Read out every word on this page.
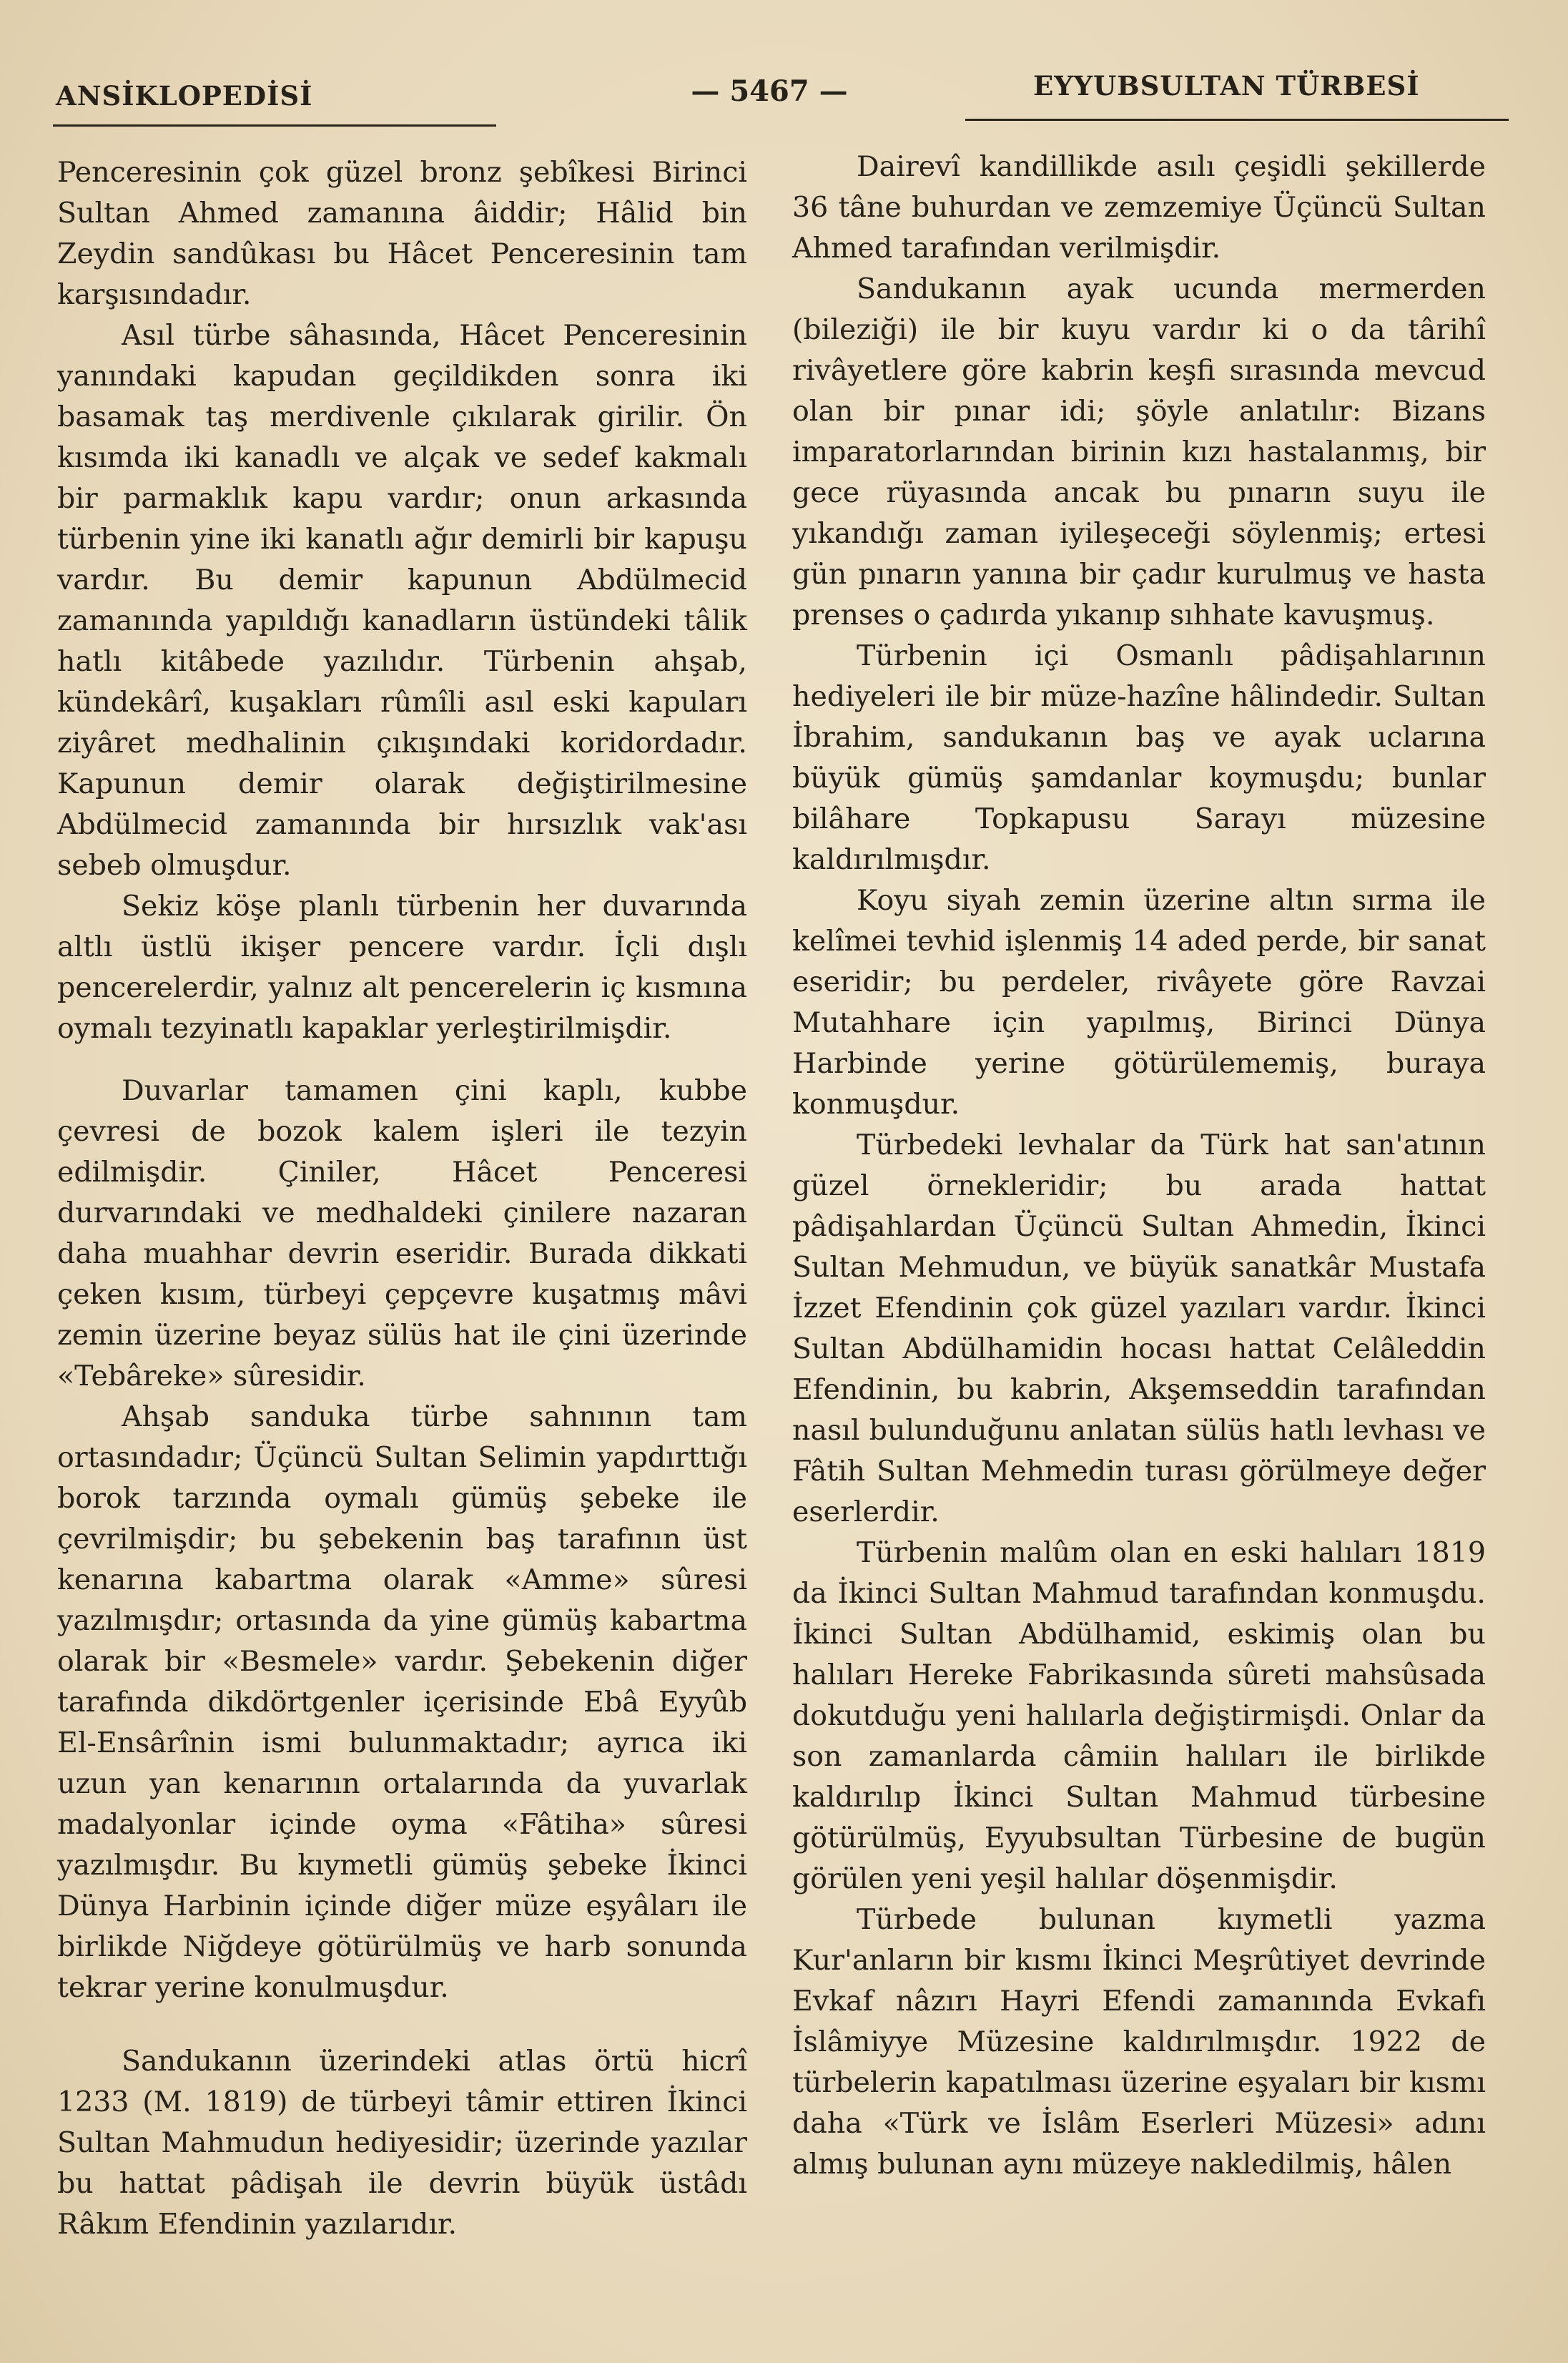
ANSİKLOPEDİSİ	— 5467 —	EYYUBSULTAN TÜRBESİ

Penceresinin çok güzel bronz şebîkesi Birinci Sultan Ahmed zamanına âiddir; Hâlid bin Zeydin sandûkası bu Hâcet Penceresinin tam karşısındadır.

Asıl türbe sâhasında, Hâcet Penceresinin yanındaki kapudan geçildikden sonra iki basamak taş merdivenle çıkılarak girilir. Ön kısımda iki kanadlı ve alçak ve sedef kakmalı bir parmaklık kapu vardır; onun arkasında türbenin yine iki kanatlı ağır demirli bir kapuşu vardır. Bu demir kapunun Abdülmecid zamanında yapıldığı kanadların üstündeki tâlik hatlı kitâbede yazılıdır. Türbenin ahşab, kündekârî, kuşakları rûmîli asıl eski kapuları ziyâret medhalinin çıkışındaki koridordadır. Kapunun demir olarak değiştirilmesine Abdülmecid zamanında bir hırsızlık vak'ası sebeb olmuşdur.

Sekiz köşe planlı türbenin her duvarında altlı üstlü ikişer pencere vardır. İçli dışlı pencerelerdir, yalnız alt pencerelerin iç kısmına oymalı tezyinatlı kapaklar yerleştirilmişdir.

Duvarlar tamamen çini kaplı, kubbe çevresi de bozok kalem işleri ile tezyin edilmişdir. Çiniler, Hâcet Penceresi durvarındaki ve medhaldeki çinilere nazaran daha muahhar devrin eseridir. Burada dikkati çeken kısım, türbeyi çepçevre kuşatmış mâvi zemin üzerine beyaz sülüs hat ile çini üzerinde «Tebâreke» sûresidir.

Ahşab sanduka türbe sahnının tam ortasındadır; Üçüncü Sultan Selimin yapdırttığı borok tarzında oymalı gümüş şebeke ile çevrilmişdir; bu şebekenin baş tarafının üst kenarına kabartma olarak «Amme» sûresi yazılmışdır; ortasında da yine gümüş kabartma olarak bir «Besmele» vardır. Şebekenin diğer tarafında dikdörtgenler içerisinde Ebâ Eyyûb El-Ensârînin ismi bulunmaktadır; ayrıca iki uzun yan kenarının ortalarında da yuvarlak madalyonlar içinde oyma «Fâtiha» sûresi yazılmışdır. Bu kıymetli gümüş şebeke İkinci Dünya Harbinin içinde diğer müze eşyâları ile birlikde Niğdeye götürülmüş ve harb sonunda tekrar yerine konulmuşdur.

Sandukanın üzerindeki atlas örtü hicrî 1233 (M. 1819) de türbeyi tâmir ettiren İkinci Sultan Mahmudun hediyesidir; üzerinde yazılar bu hattat pâdişah ile devrin büyük üstâdı Râkım Efendinin yazılarıdır.

Dairevî kandillikde asılı çeşidli şekillerde 36 tâne buhurdan ve zemzemiye Üçüncü Sultan Ahmed tarafından verilmişdir.

Sandukanın ayak ucunda mermerden (bileziği) ile bir kuyu vardır ki o da târihî rivâyetlere göre kabrin keşfi sırasında mevcud olan bir pınar idi; şöyle anlatılır: Bizans imparatorlarından birinin kızı hastalanmış, bir gece rüyasında ancak bu pınarın suyu ile yıkandığı zaman iyileşeceği söylenmiş; ertesi gün pınarın yanına bir çadır kurulmuş ve hasta prenses o çadırda yıkanıp sıhhate kavuşmuş.

Türbenin içi Osmanlı pâdişahlarının hediyeleri ile bir müze-hazîne hâlindedir. Sultan İbrahim, sandukanın baş ve ayak uclarına büyük gümüş şamdanlar koymuşdu; bunlar bilâhare Topkapusu Sarayı müzesine kaldırılmışdır.

Koyu siyah zemin üzerine altın sırma ile kelîmei tevhid işlenmiş 14 aded perde, bir sanat eseridir; bu perdeler, rivâyete göre Ravzai Mutahhare için yapılmış, Birinci Dünya Harbinde yerine götürülememiş, buraya konmuşdur.

Türbedeki levhalar da Türk hat san'atının güzel örnekleridir; bu arada hattat pâdişahlardan Üçüncü Sultan Ahmedin, İkinci Sultan Mehmudun, ve büyük sanatkâr Mustafa İzzet Efendinin çok güzel yazıları vardır. İkinci Sultan Abdülhamidin hocası hattat Celâleddin Efendinin, bu kabrin, Akşemseddin tarafından nasıl bulunduğunu anlatan sülüs hatlı levhası ve Fâtih Sultan Mehmedin turası görülmeye değer eserlerdir.

Türbenin malûm olan en eski halıları 1819 da İkinci Sultan Mahmud tarafından konmuşdu. İkinci Sultan Abdülhamid, eskimiş olan bu halıları Hereke Fabrikasında sûreti mahsûsada dokutduğu yeni halılarla değiştirmişdi. Onlar da son zamanlarda câmiin halıları ile birlikde kaldırılıp İkinci Sultan Mahmud türbesine götürülmüş, Eyyubsultan Türbesine de bugün görülen yeni yeşil halılar döşenmişdir.

Türbede bulunan kıymetli yazma Kur'anların bir kısmı İkinci Meşrûtiyet devrinde Evkaf nâzırı Hayri Efendi zamanında Evkafı İslâmiyye Müzesine kaldırılmışdır. 1922 de türbelerin kapatılması üzerine eşyaları bir kısmı daha «Türk ve İslâm Eserleri Müzesi» adını almış bulunan aynı müzeye nakledilmiş, hâlen
